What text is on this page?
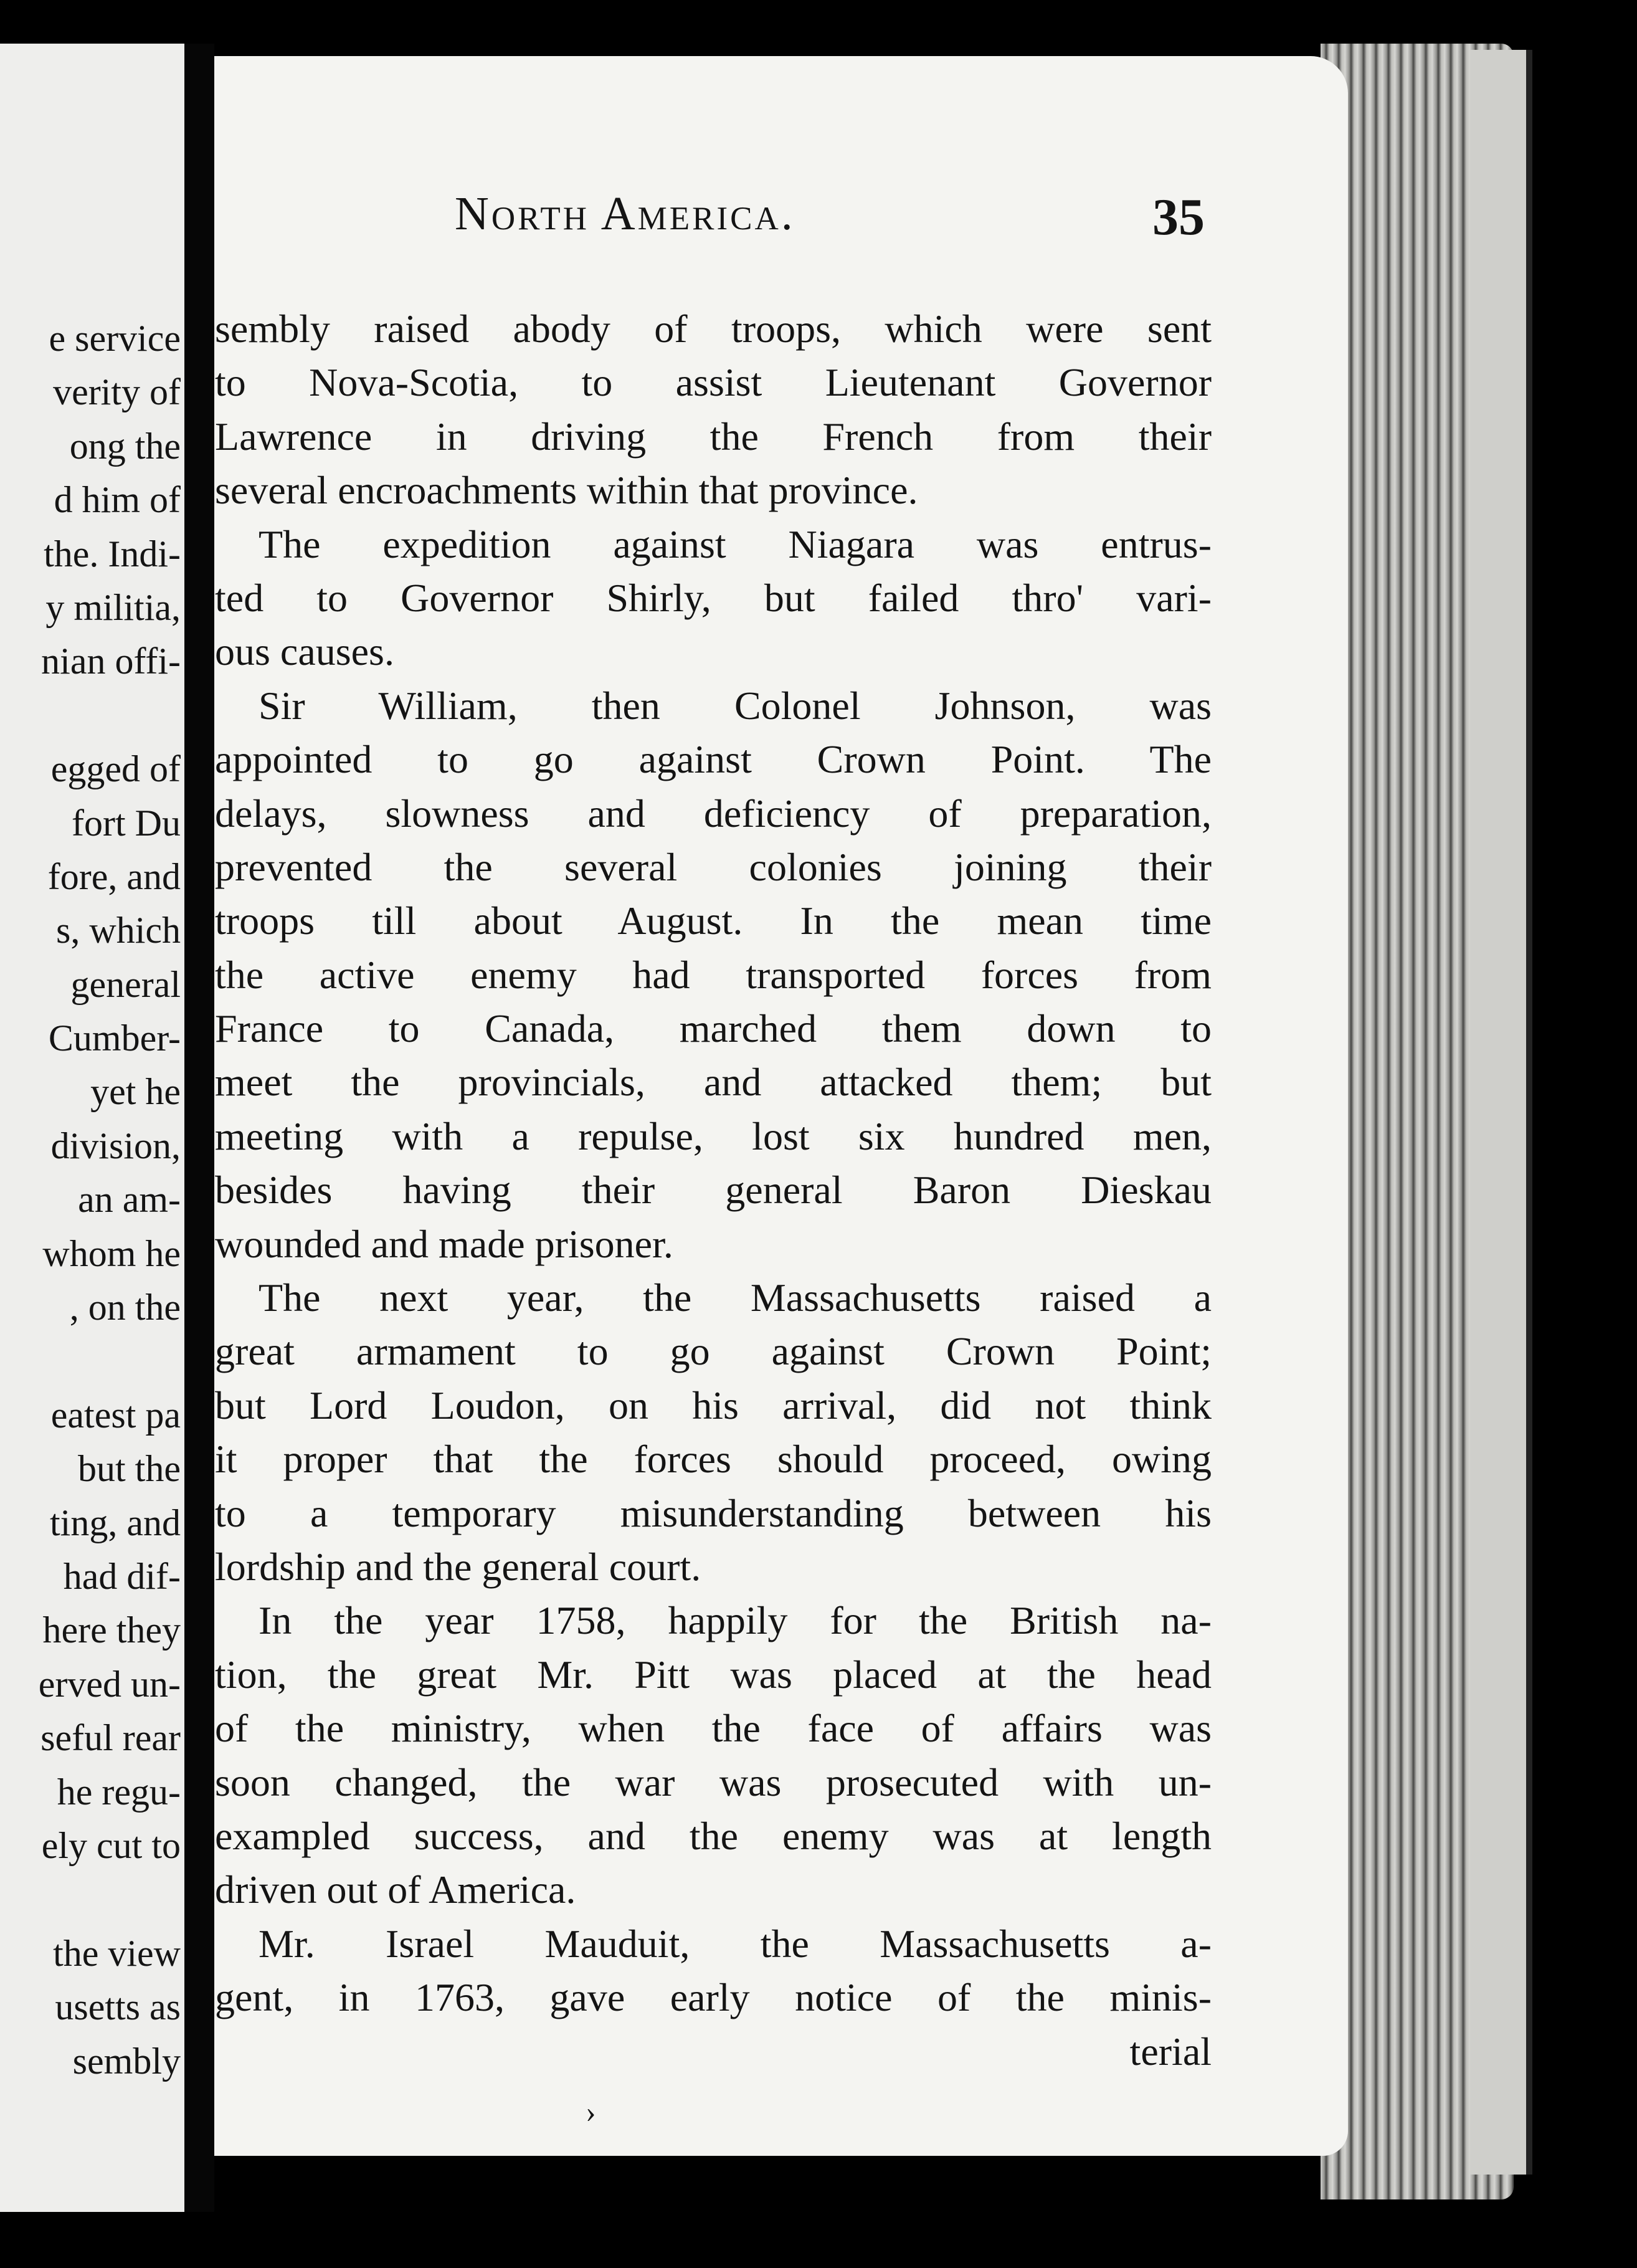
e service
verity of
ong the
d him of
the. Indi-
y militia,
nian offi-
egged of
fort Du
fore, and
s, which
general
Cumber-
yet he
division,
an am-
whom he
, on the
eatest pa
but the
ting, and
had dif-
here they
erved un-
seful rear
he regu-
ely cut to
the view
usetts as
sembly
North America.	35
sembly raised abody of troops, which were sent
to Nova-Scotia, to assist Lieutenant Governor
Lawrence in driving the French from their
several encroachments within that province.
The expedition against Niagara was entrus-
ted to Governor Shirly, but failed thro' vari-
ous causes.
Sir William, then Colonel Johnson, was
appointed to go against Crown Point. The
delays, slowness and deficiency of preparation,
prevented the several colonies joining their
troops till about August. In the mean time
the active enemy had transported forces from
France to Canada, marched them down to
meet the provincials, and attacked them; but
meeting with a repulse, lost six hundred men,
besides having their general Baron Dieskau
wounded and made prisoner.
The next year, the Massachusetts raised a
great armament to go against Crown Point;
but Lord Loudon, on his arrival, did not think
it proper that the forces should proceed, owing
to a temporary misunderstanding between his
lordship and the general court.
In the year 1758, happily for the British na-
tion, the great Mr. Pitt was placed at the head
of the ministry, when the face of affairs was
soon changed, the war was prosecuted with un-
exampled success, and the enemy was at length
driven out of America.
Mr. Israel Mauduit, the Massachusetts a-
gent, in 1763, gave early notice of the minis-
terial
›
